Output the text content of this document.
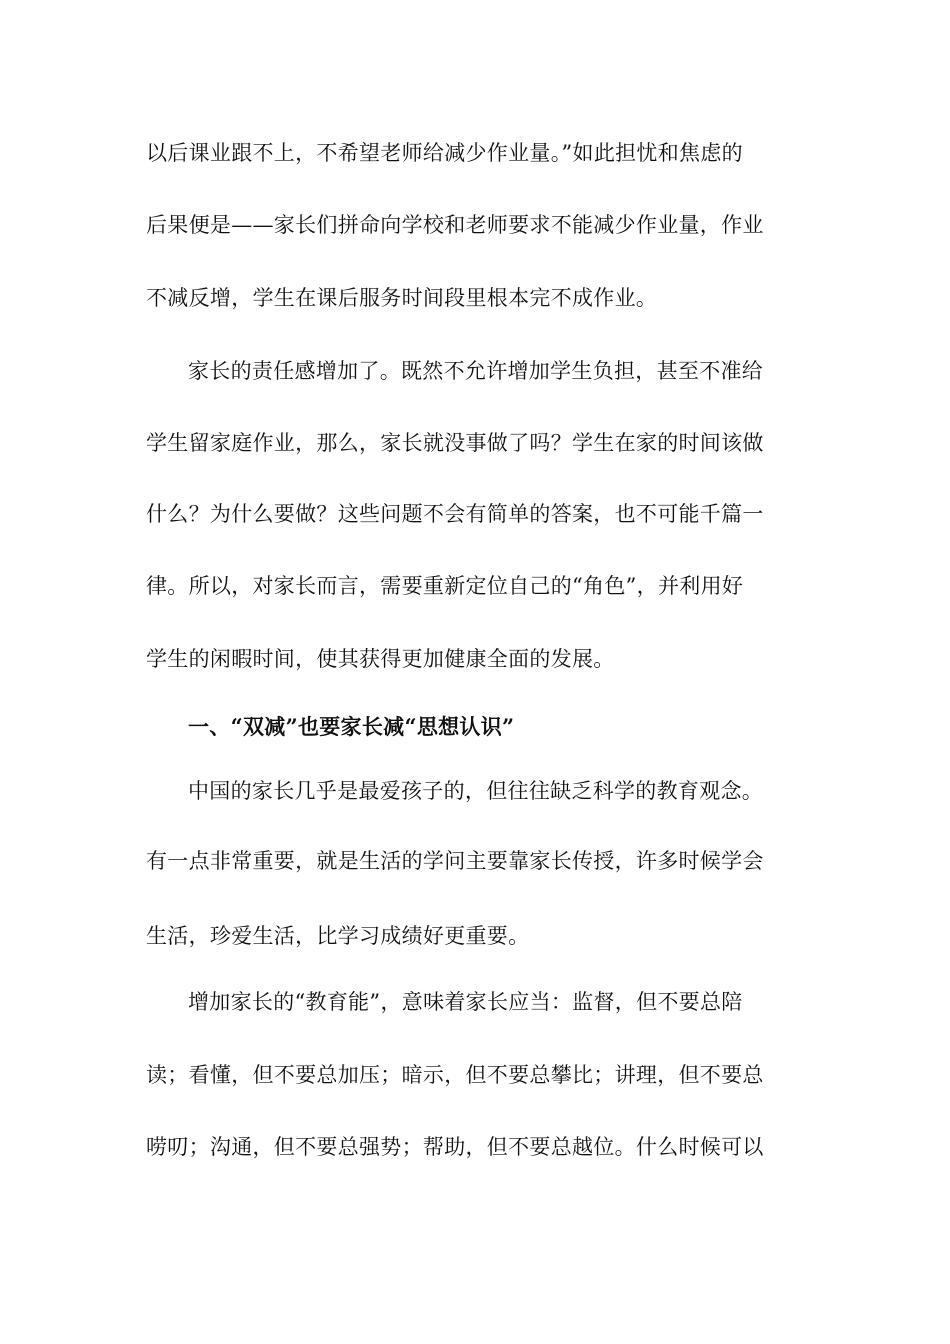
以后课业跟不上，不希望老师给减少作业量。”如此担忧和焦虑的
后果便是——家长们拼命向学校和老师要求不能减少作业量，作业
不减反增，学生在课后服务时间段里根本完不成作业。
家长的责任感增加了。既然不允许增加学生负担，甚至不准给
学生留家庭作业，那么，家长就没事做了吗？学生在家的时间该做
什么？为什么要做？这些问题不会有简单的答案，也不可能千篇一
律。所以，对家长而言，需要重新定位自己的“角色”，并利用好
学生的闲暇时间，使其获得更加健康全面的发展。
一、“双减”也要家长减“思想认识”
中国的家长几乎是最爱孩子的，但往往缺乏科学的教育观念。
有一点非常重要，就是生活的学问主要靠家长传授，许多时候学会
生活，珍爱生活，比学习成绩好更重要。
增加家长的“教育能”，意味着家长应当：监督，但不要总陪
读；看懂，但不要总加压；暗示，但不要总攀比；讲理，但不要总
唠叨；沟通，但不要总强势；帮助，但不要总越位。什么时候可以
